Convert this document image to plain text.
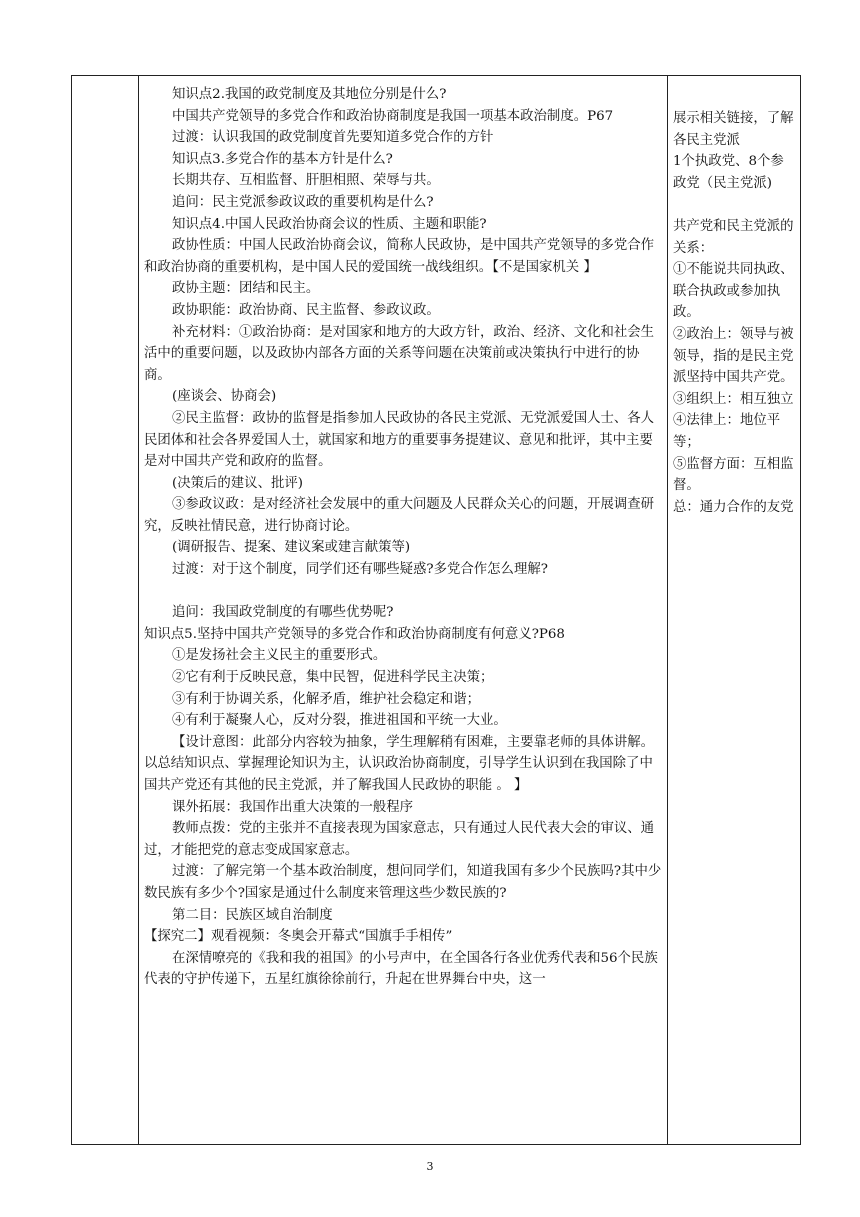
知识点2.我国的政党制度及其地位分别是什么?

中国共产党领导的多党合作和政治协商制度是我国一项基本政治制度。P67

过渡：认识我国的政党制度首先要知道多党合作的方针

知识点3.多党合作的基本方针是什么?

长期共存、互相监督、肝胆相照、荣辱与共。

追问：民主党派参政议政的重要机构是什么?

知识点4.中国人民政治协商会议的性质、主题和职能?

政协性质：中国人民政治协商会议，简称人民政协，是中国共产党领导的多党合作和政治协商的重要机构，是中国人民的爱国统一战线组织。【不是国家机关 】

政协主题：团结和民主。

政协职能：政治协商、民主监督、参政议政。

补充材料：①政治协商：是对国家和地方的大政方针，政治、经济、文化和社会生活中的重要问题，以及政协内部各方面的关系等问题在决策前或决策执行中进行的协商。

(座谈会、协商会)

②民主监督：政协的监督是指参加人民政协的各民主党派、无党派爱国人士、各人民团体和社会各界爱国人士，就国家和地方的重要事务提建议、意见和批评，其中主要是对中国共产党和政府的监督。

(决策后的建议、批评)

③参政议政：是对经济社会发展中的重大问题及人民群众关心的问题，开展调查研究，反映社情民意，进行协商讨论。

(调研报告、提案、建议案或建言献策等)

过渡：对于这个制度，同学们还有哪些疑惑?多党合作怎么理解?

追问：我国政党制度的有哪些优势呢?

知识点5.坚持中国共产党领导的多党合作和政治协商制度有何意义?P68

①是发扬社会主义民主的重要形式。

②它有利于反映民意，集中民智，促进科学民主决策；

③有利于协调关系，化解矛盾，维护社会稳定和谐；

④有利于凝聚人心，反对分裂，推进祖国和平统一大业。

【设计意图：此部分内容较为抽象，学生理解稍有困难，主要靠老师的具体讲解。以总结知识点、掌握理论知识为主，认识政治协商制度，引导学生认识到在我国除了中国共产党还有其他的民主党派，并了解我国人民政协的职能 。 】

课外拓展：我国作出重大决策的一般程序

教师点拨：党的主张并不直接表现为国家意志，只有通过人民代表大会的审议、通过，才能把党的意志变成国家意志。

过渡：了解完第一个基本政治制度，想问同学们，知道我国有多少个民族吗?其中少数民族有多少个?国家是通过什么制度来管理这些少数民族的?

第二目：民族区域自治制度

【探究二】观看视频：冬奥会开幕式“国旗手手相传”

在深情嘹亮的《我和我的祖国》的小号声中，在全国各行各业优秀代表和56个民族代表的守护传递下，五星红旗徐徐前行，升起在世界舞台中央，这一

展示相关链接，了解各民主党派

1个执政党、8个参政党（民主党派)

共产党和民主党派的关系：

①不能说共同执政、联合执政或参加执政。

②政治上：领导与被领导，指的是民主党派坚持中国共产党。

③组织上：相互独立

④法律上：地位平等；

⑤监督方面：互相监督。

总：通力合作的友党

3
